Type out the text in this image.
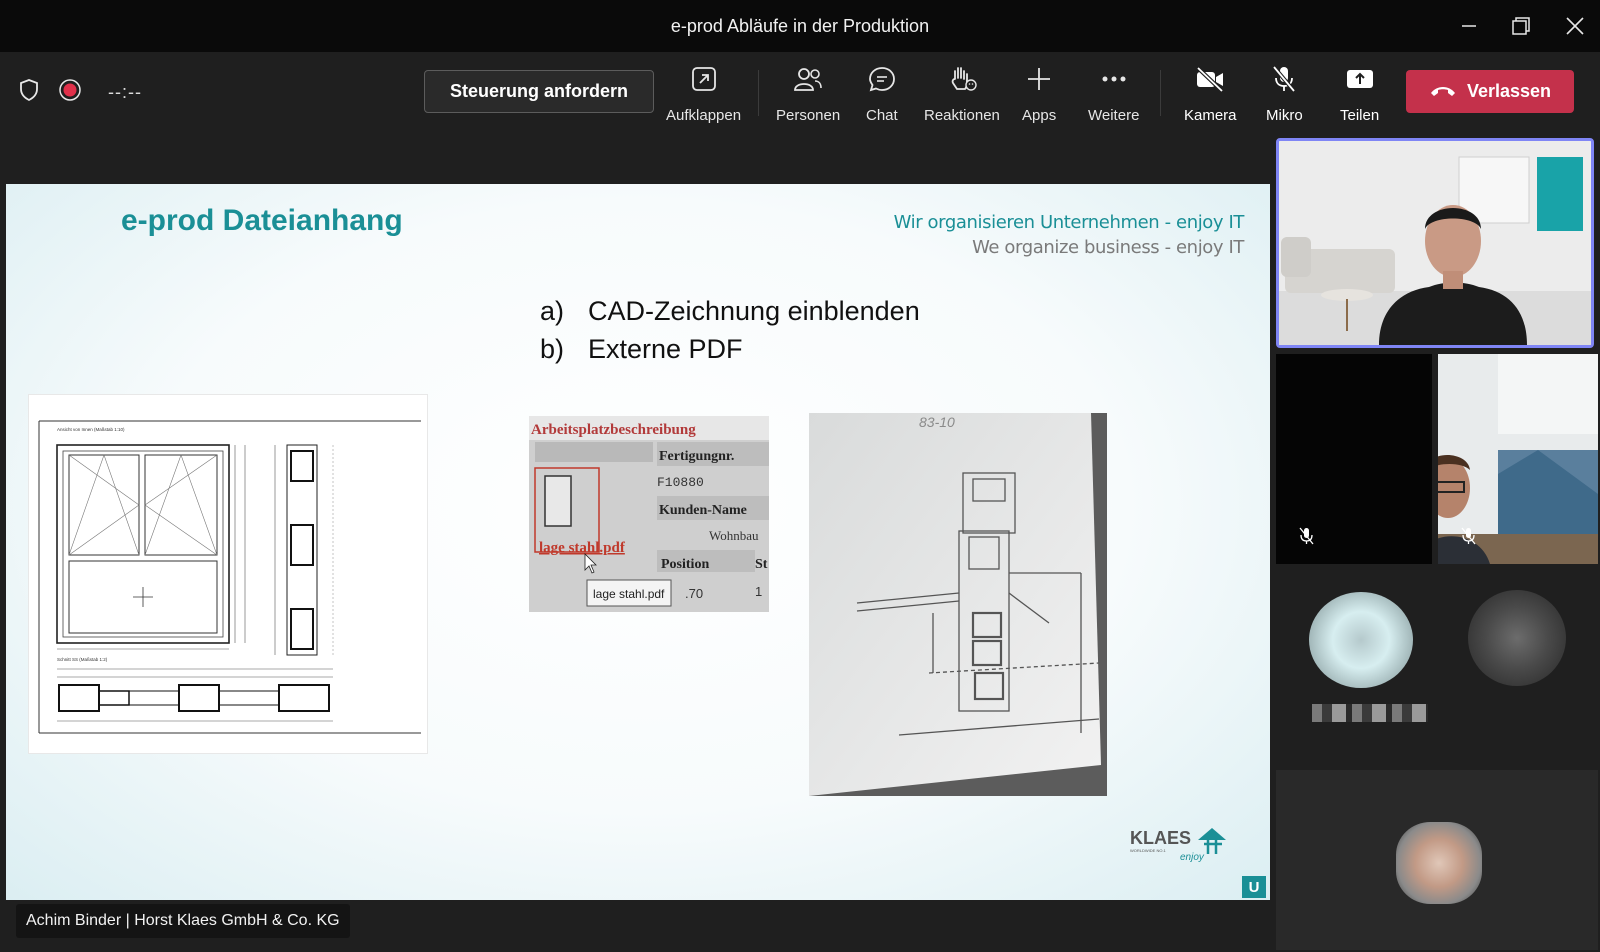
e-prod Abläufe in der Produktion
--:--	Steuerung anfordern
Aufklappen Personen Chat Reaktionen Apps Weitere	Kamera Mikro Teilen
Verlassen
e-prod Dateianhang	Wir organisieren Unternehmen - enjoy IT
We organize business - enjoy IT
a) CAD-Zeichnung einblenden
b) Externe PDF
Ansicht von Innen (Maßstab 1:10)
Schnitt SS (Maßstab 1:2)
Arbeitsplatzbeschreibung
Fertigungnr.
F10880
Kunden-Name
Wohnbau
lage stahl.pdf
Position	St
lage stahl.pdf .70	1
83-10
KLAES
WORLDWIDE NO.1
enjoy
U
Achim Binder | Horst Klaes GmbH & Co. KG
